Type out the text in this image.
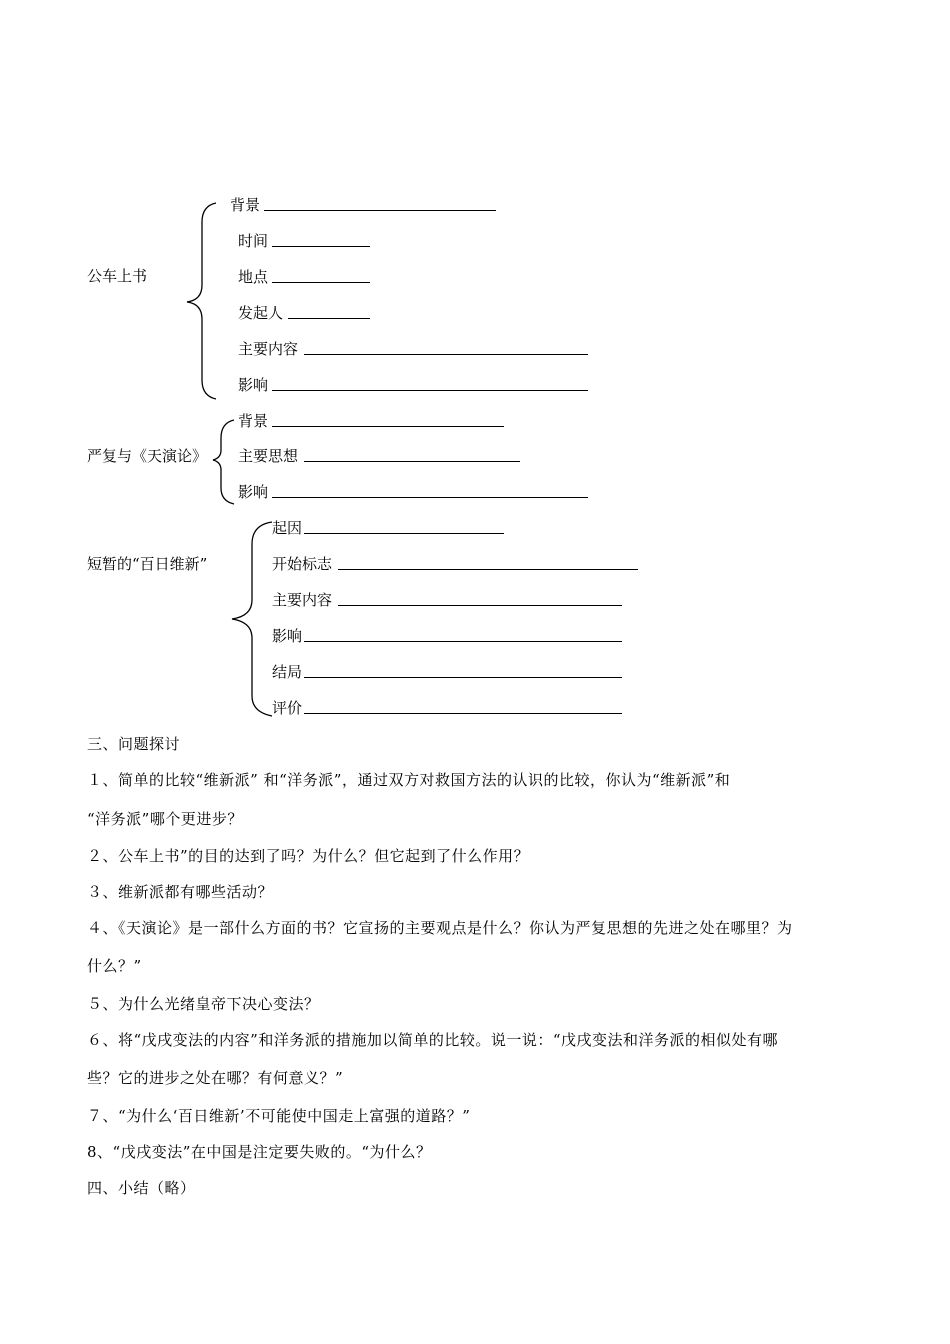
公车上书
背景
时间
地点
发起人
主要内容
影响
严复与《天演论》
背景
主要思想
影响
短暂的“百日维新”
起因
开始标志
主要内容
影响
结局
评价
三、问题探讨
１、简单的比较“维新派” 和“洋务派”，通过双方对救国方法的认识的比较，你认为“维新派”和
“洋务派”哪个更进步？
２、公车上书”的目的达到了吗？为什么？但它起到了什么作用？
３、维新派都有哪些活动？
４、《天演论》是一部什么方面的书？它宣扬的主要观点是什么？你认为严复思想的先进之处在哪里？为
什么？”
５、为什么光绪皇帝下决心变法？
６、将“戊戌变法的内容”和洋务派的措施加以简单的比较。说一说：“戊戌变法和洋务派的相似处有哪
些？它的进步之处在哪？有何意义？”
７、“为什么‘百日维新’不可能使中国走上富强的道路？”
8、“戊戌变法”在中国是注定要失败的。“为什么？
四、小结（略）
